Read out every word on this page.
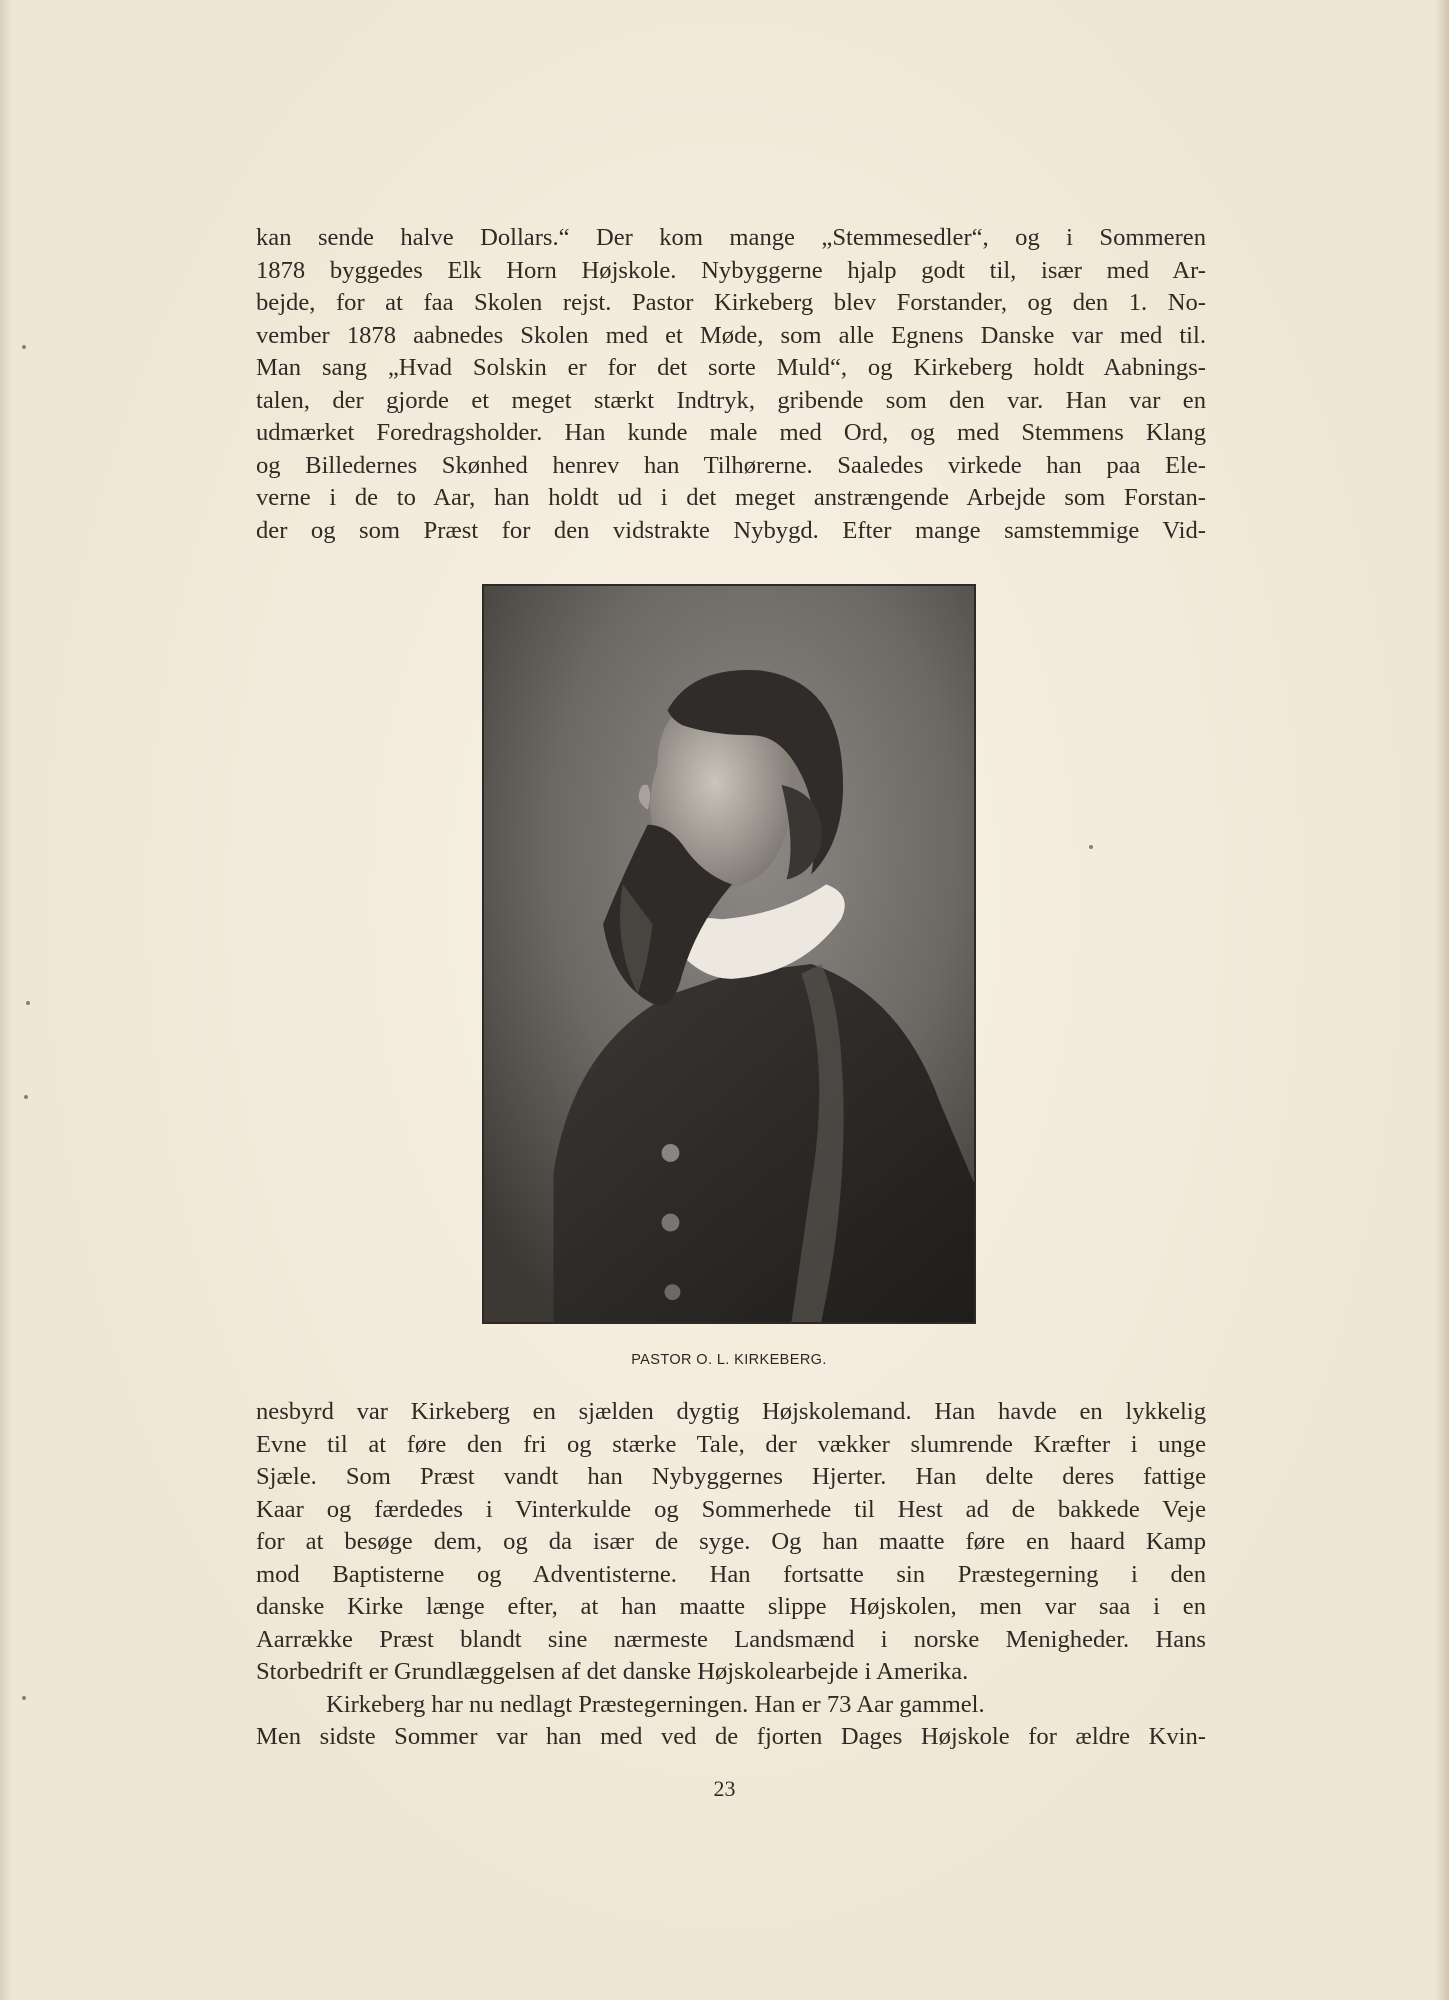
kan sende halve Dollars.“ Der kom mange „Stemmesedler“, og i Sommeren
1878 byggedes Elk Horn Højskole. Nybyggerne hjalp godt til, især med Ar-
bejde, for at faa Skolen rejst. Pastor Kirkeberg blev Forstander, og den 1. No-
vember 1878 aabnedes Skolen med et Møde, som alle Egnens Danske var med til.
Man sang „Hvad Solskin er for det sorte Muld“, og Kirkeberg holdt Aabnings-
talen, der gjorde et meget stærkt Indtryk, gribende som den var. Han var en
udmærket Foredragsholder. Han kunde male med Ord, og med Stemmens Klang
og Billedernes Skønhed henrev han Tilhørerne. Saaledes virkede han paa Ele-
verne i de to Aar, han holdt ud i det meget anstrængende Arbejde som Forstan-
der og som Præst for den vidstrakte Nybygd. Efter mange samstemmige Vid-
PASTOR O. L. KIRKEBERG.
nesbyrd var Kirkeberg en sjælden dygtig Højskolemand. Han havde en lykkelig
Evne til at føre den fri og stærke Tale, der vækker slumrende Kræfter i unge
Sjæle. Som Præst vandt han Nybyggernes Hjerter. Han delte deres fattige
Kaar og færdedes i Vinterkulde og Sommerhede til Hest ad de bakkede Veje
for at besøge dem, og da især de syge. Og han maatte føre en haard Kamp
mod Baptisterne og Adventisterne. Han fortsatte sin Præstegerning i den
danske Kirke længe efter, at han maatte slippe Højskolen, men var saa i en
Aarrække Præst blandt sine nærmeste Landsmænd i norske Menigheder. Hans
Storbedrift er Grundlæggelsen af det danske Højskolearbejde i Amerika.
Kirkeberg har nu nedlagt Præstegerningen. Han er 73 Aar gammel.
Men sidste Sommer var han med ved de fjorten Dages Højskole for ældre Kvin-
23
